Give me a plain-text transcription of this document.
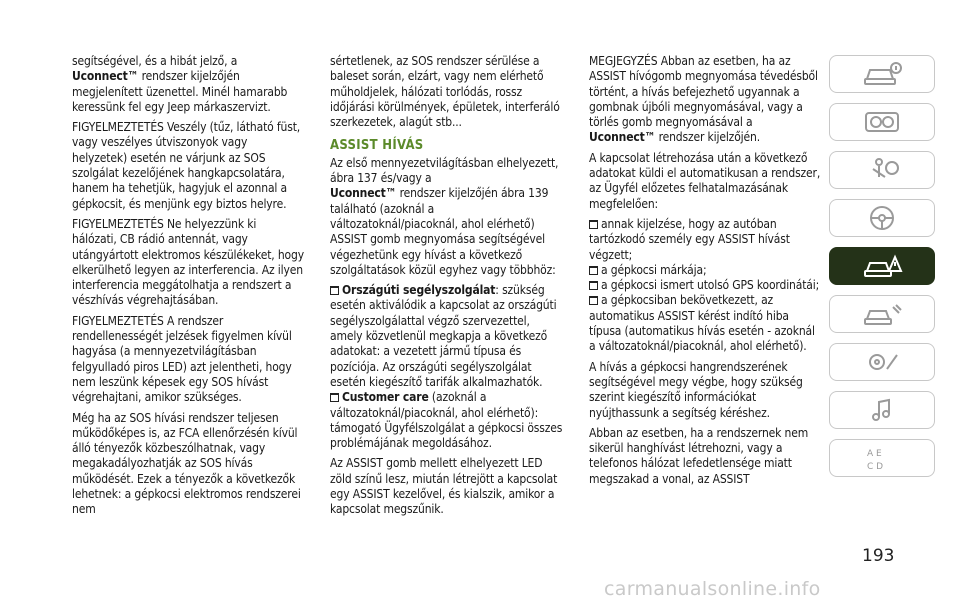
segítségével, és a hibát jelző, a
Uconnect™ rendszer kijelzőjén megjelenített üzenettel. Minél hamarabb keressünk fel egy Jeep márkaszervizt.

FIGYELMEZTETÉS Veszély (tűz, látható füst, vagy veszélyes útviszonyok vagy helyzetek) esetén ne várjunk az SOS szolgálat kezelőjének hangkapcsolatára, hanem ha tehetjük, hagyjuk el azonnal a gépkocsit, és menjünk egy biztos helyre.

FIGYELMEZTETÉS Ne helyezzünk ki hálózati, CB rádió antennát, vagy utángyártott elektromos készülékeket, hogy elkerülhető legyen az interferencia. Az ilyen interferencia meggátolhatja a rendszert a vészhívás végrehajtásában.

FIGYELMEZTETÉS A rendszer rendellenességét jelzések figyelmen kívül hagyása (a mennyezetvilágításban felgyulladó piros LED) azt jelentheti, hogy nem leszünk képesek egy SOS hívást végrehajtani, amikor szükséges.

Még ha az SOS hívási rendszer teljesen működőképes is, az FCA ellenőrzésén kívül álló tényezők közbeszólhatnak, vagy megakadályozhatják az SOS hívás működését. Ezek a tényezők a következők lehetnek: a gépkocsi elektromos rendszerei nem

sértetlenek, az SOS rendszer sérülése a baleset során, elzárt, vagy nem elérhető műholdjelek, hálózati torlódás, rossz időjárási körülmények, épületek, interferáló szerkezetek, alagút stb...

ASSIST HÍVÁS

Az első mennyezetvilágításban elhelyezett, ábra 137 és/vagy a
Uconnect™ rendszer kijelzőjén ábra 139 található (azoknál a változatoknál/piacoknál, ahol elérhető) ASSIST gomb megnyomása segítségével végezhetünk egy hívást a következő szolgáltatások közül egyhez vagy többhöz:

Országúti segélyszolgálat: szükség esetén aktiválódik a kapcsolat az országúti segélyszolgálattal végző szervezettel, amely közvetlenül megkapja a következő adatokat: a vezetett jármű típusa és pozíciója. Az országúti segélyszolgálat esetén kiegészítő tarifák alkalmazhatók.

Customer care (azoknál a változatoknál/piacoknál, ahol elérhető): támogató Ügyfélszolgálat a gépkocsi összes problémájának megoldásához.

Az ASSIST gomb mellett elhelyezett LED zöld színű lesz, miután létrejött a kapcsolat egy ASSIST kezelővel, és kialszik, amikor a kapcsolat megszűnik.

MEGJEGYZÉS Abban az esetben, ha az ASSIST hívógomb megnyomása tévedésből történt, a hívás befejezhető ugyannak a gombnak újbóli megnyomásával, vagy a törlés gomb megnyomásával a Uconnect™ rendszer kijelzőjén.

A kapcsolat létrehozása után a következő adatokat küldi el automatikusan a rendszer, az Ügyfél előzetes felhatalmazásának megfelelően:

annak kijelzése, hogy az autóban tartózkodó személy egy ASSIST hívást végzett;

a gépkocsi márkája;

a gépkocsi ismert utolsó GPS koordinátái;

a gépkocsiban bekövetkezett, az automatikus ASSIST kérést indító hiba típusa (automatikus hívás esetén - azoknál a változatoknál/piacoknál, ahol elérhető).

A hívás a gépkocsi hangrendszerének segítségével megy végbe, hogy szükség szerint kiegészítő információkat nyújthassunk a segítség kéréshez.

Abban az esetben, ha a rendszernek nem sikerül hanghívást létrehozni, vagy a telefonos hálózat lefedetlensége miatt megszakad a vonal, az ASSIST

A E
C D
193
carmanualsonline.info
